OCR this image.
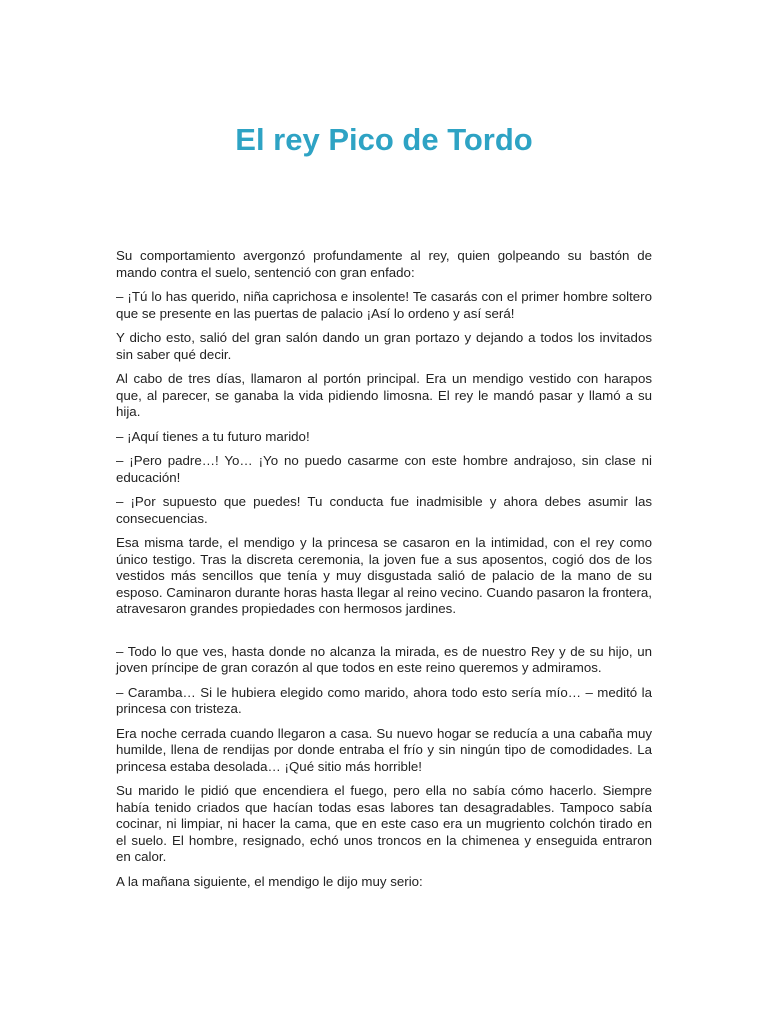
El rey Pico de Tordo

Su comportamiento avergonzó profundamente al rey, quien golpeando su bastón de mando contra el suelo, sentenció con gran enfado:

– ¡Tú lo has querido, niña caprichosa e insolente! Te casarás con el primer hombre soltero que se presente en las puertas de palacio ¡Así lo ordeno y así será!

Y dicho esto, salió del gran salón dando un gran portazo y dejando a todos los invitados sin saber qué decir.

Al cabo de tres días, llamaron al portón principal. Era un mendigo vestido con harapos que, al parecer, se ganaba la vida pidiendo limosna. El rey le mandó pasar y llamó a su hija.

– ¡Aquí tienes a tu futuro marido!

– ¡Pero padre…! Yo… ¡Yo no puedo casarme con este hombre andrajoso, sin clase ni educación!

– ¡Por supuesto que puedes! Tu conducta fue inadmisible y ahora debes asumir las consecuencias.

Esa misma tarde, el mendigo y la princesa se casaron en la intimidad, con el rey como único testigo. Tras la discreta ceremonia, la joven fue a sus aposentos, cogió dos de los vestidos más sencillos que tenía y muy disgustada salió de palacio de la mano de su esposo. Caminaron durante horas hasta llegar al reino vecino. Cuando pasaron la frontera, atravesaron grandes propiedades con hermosos jardines.

– Todo lo que ves, hasta donde no alcanza la mirada, es de nuestro Rey y de su hijo, un joven príncipe de gran corazón al que todos en este reino queremos y admiramos.

– Caramba… Si le hubiera elegido como marido, ahora todo esto sería mío… – meditó la princesa con tristeza.

Era noche cerrada cuando llegaron a casa. Su nuevo hogar se reducía a una cabaña muy humilde, llena de rendijas por donde entraba el frío y sin ningún tipo de comodidades. La princesa estaba desolada… ¡Qué sitio más horrible!

Su marido le pidió que encendiera el fuego, pero ella no sabía cómo hacerlo. Siempre había tenido criados que hacían todas esas labores tan desagradables. Tampoco sabía cocinar, ni limpiar, ni hacer la cama, que en este caso era un mugriento colchón tirado en el suelo. El hombre, resignado, echó unos troncos en la chimenea y enseguida entraron en calor.

A la mañana siguiente, el mendigo le dijo muy serio:
